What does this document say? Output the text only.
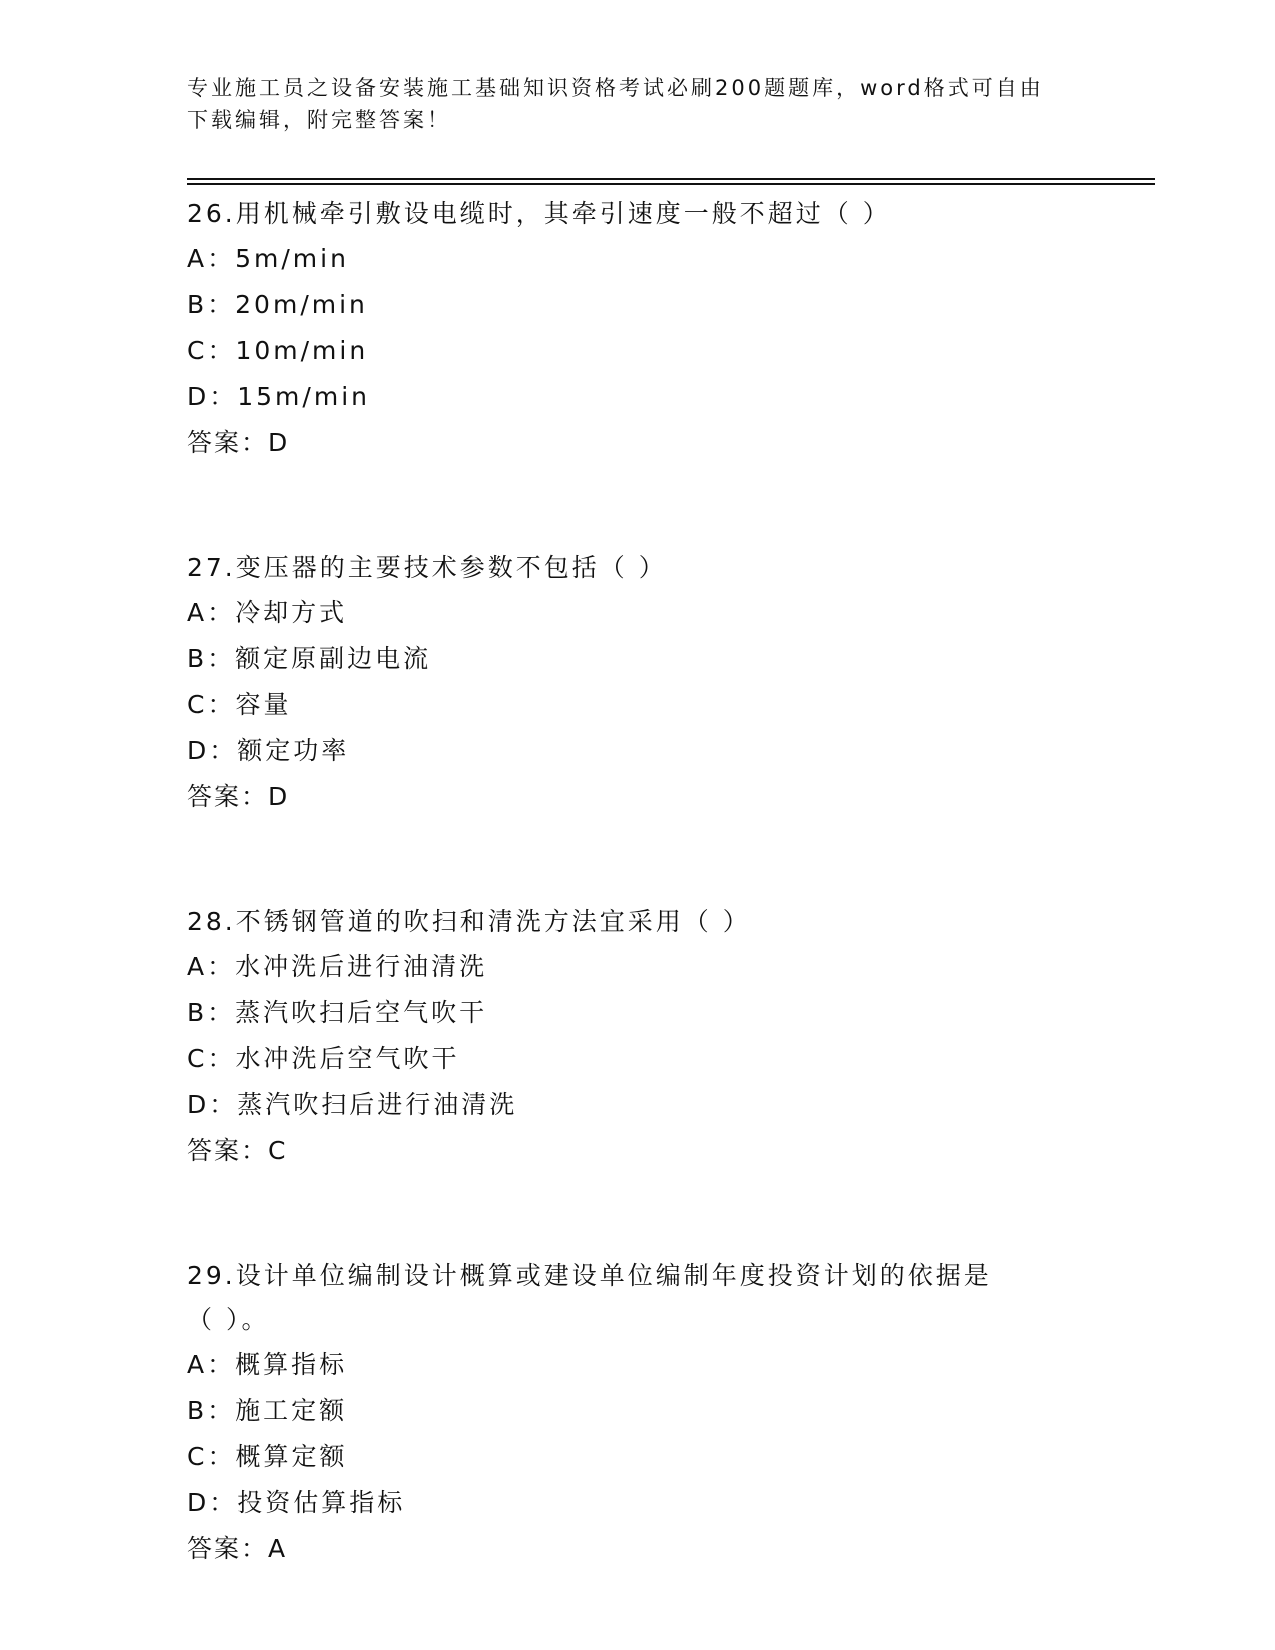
专业施工员之设备安装施工基础知识资格考试必刷200题题库，word格式可自由下载编辑，附完整答案！

26.用机械牵引敷设电缆时，其牵引速度一般不超过（ ）

A：5m/min
B：20m/min
C：10m/min
D：15m/min
答案：D

27.变压器的主要技术参数不包括（ ）

A：冷却方式
B：额定原副边电流
C：容量
D：额定功率
答案：D

28.不锈钢管道的吹扫和清洗方法宜采用（ ）

A：水冲洗后进行油清洗
B：蒸汽吹扫后空气吹干
C：水冲洗后空气吹干
D：蒸汽吹扫后进行油清洗
答案：C

29.设计单位编制设计概算或建设单位编制年度投资计划的依据是（ ）。

A：概算指标
B：施工定额
C：概算定额
D：投资估算指标
答案：A
